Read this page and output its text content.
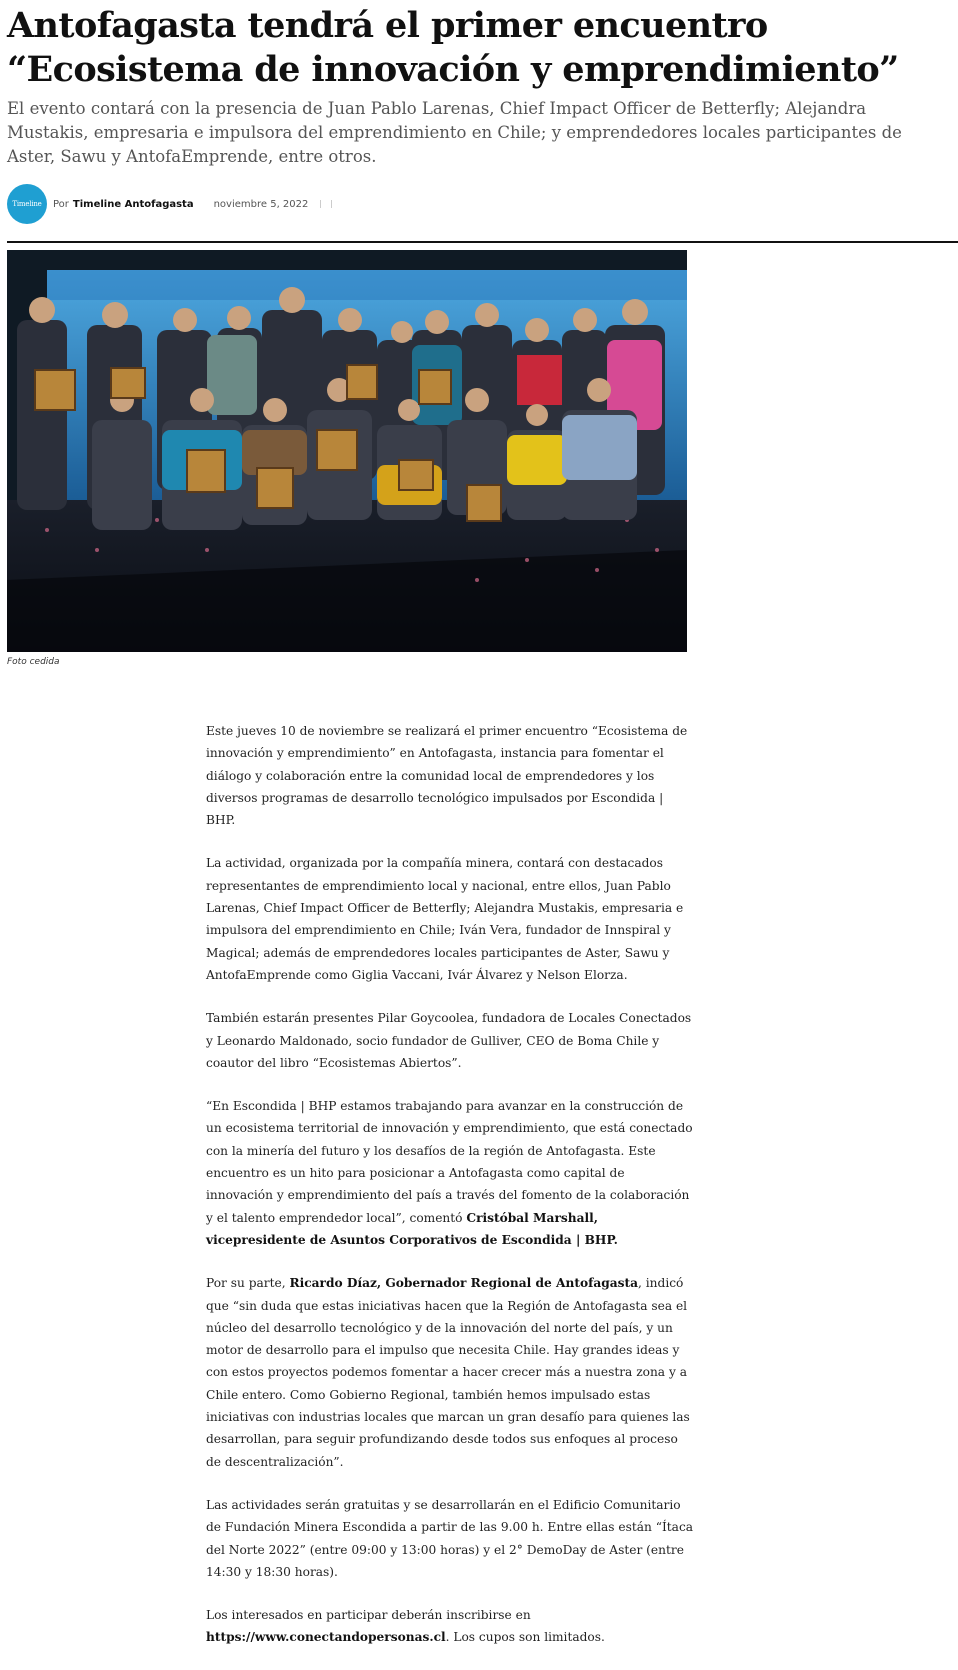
Antofagasta tendrá el primer encuentro “Ecosistema de innovación y emprendimiento”

El evento contará con la presencia de Juan Pablo Larenas, Chief Impact Officer de Betterfly; Alejandra Mustakis, empresaria e impulsora del emprendimiento en Chile; y emprendedores locales participantes de Aster, Sawu y AntofaEmprende, entre otros.

Timeline Por Timeline Antofagasta noviembre 5, 2022

Foto cedida

Este jueves 10 de noviembre se realizará el primer encuentro “Ecosistema de innovación y emprendimiento” en Antofagasta, instancia para fomentar el diálogo y colaboración entre la comunidad local de emprendedores y los diversos programas de desarrollo tecnológico impulsados por Escondida | BHP.

La actividad, organizada por la compañía minera, contará con destacados representantes de emprendimiento local y nacional, entre ellos, Juan Pablo Larenas, Chief Impact Officer de Betterfly; Alejandra Mustakis, empresaria e impulsora del emprendimiento en Chile; Iván Vera, fundador de Innspiral y Magical; además de emprendedores locales participantes de Aster, Sawu y AntofaEmprende como Giglia Vaccani, Ivár Álvarez y Nelson Elorza.

También estarán presentes Pilar Goycoolea, fundadora de Locales Conectados y Leonardo Maldonado, socio fundador de Gulliver, CEO de Boma Chile y coautor del libro “Ecosistemas Abiertos”.

“En Escondida | BHP estamos trabajando para avanzar en la construcción de un ecosistema territorial de innovación y emprendimiento, que está conectado con la minería del futuro y los desafíos de la región de Antofagasta. Este encuentro es un hito para posicionar a Antofagasta como capital de innovación y emprendimiento del país a través del fomento de la colaboración y el talento emprendedor local”, comentó Cristóbal Marshall, vicepresidente de Asuntos Corporativos de Escondida | BHP.

Por su parte, Ricardo Díaz, Gobernador Regional de Antofagasta, indicó que “sin duda que estas iniciativas hacen que la Región de Antofagasta sea el núcleo del desarrollo tecnológico y de la innovación del norte del país, y un motor de desarrollo para el impulso que necesita Chile. Hay grandes ideas y con estos proyectos podemos fomentar a hacer crecer más a nuestra zona y a Chile entero. Como Gobierno Regional, también hemos impulsado estas iniciativas con industrias locales que marcan un gran desafío para quienes las desarrollan, para seguir profundizando desde todos sus enfoques al proceso de descentralización”.

Las actividades serán gratuitas y se desarrollarán en el Edificio Comunitario de Fundación Minera Escondida a partir de las 9.00 h. Entre ellas están “Ítaca del Norte 2022” (entre 09:00 y 13:00 horas) y el 2° DemoDay de Aster (entre 14:30 y 18:30 horas).

Los interesados en participar deberán inscribirse en https://www.conectandopersonas.cl. Los cupos son limitados.
